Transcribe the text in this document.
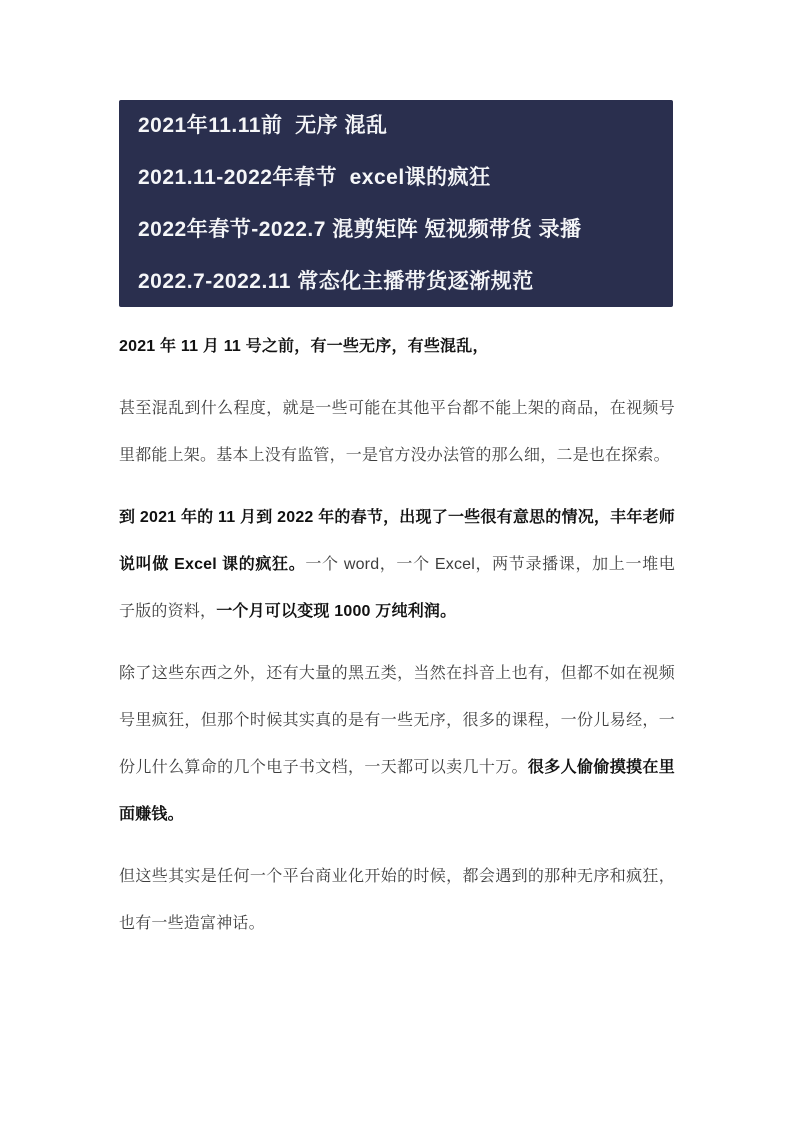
2021年11.11前  无序 混乱
2021.11-2022年春节  excel课的疯狂
2022年春节-2022.7 混剪矩阵 短视频带货 录播
2022.7-2022.11 常态化主播带货逐渐规范

2021 年 11 月 11 号之前，有一些无序，有些混乱，

甚至混乱到什么程度，就是一些可能在其他平台都不能上架的商品，在视频号里都能上架。基本上没有监管，一是官方没办法管的那么细，二是也在探索。

到 2021 年的 11 月到 2022 年的春节，出现了一些很有意思的情况，丰年老师说叫做 Excel 课的疯狂。一个 word，一个 Excel，两节录播课，加上一堆电子版的资料，一个月可以变现 1000 万纯利润。

除了这些东西之外，还有大量的黑五类，当然在抖音上也有，但都不如在视频号里疯狂，但那个时候其实真的是有一些无序，很多的课程，一份儿易经，一份儿什么算命的几个电子书文档，一天都可以卖几十万。很多人偷偷摸摸在里面赚钱。

但这些其实是任何一个平台商业化开始的时候，都会遇到的那种无序和疯狂，也有一些造富神话。
